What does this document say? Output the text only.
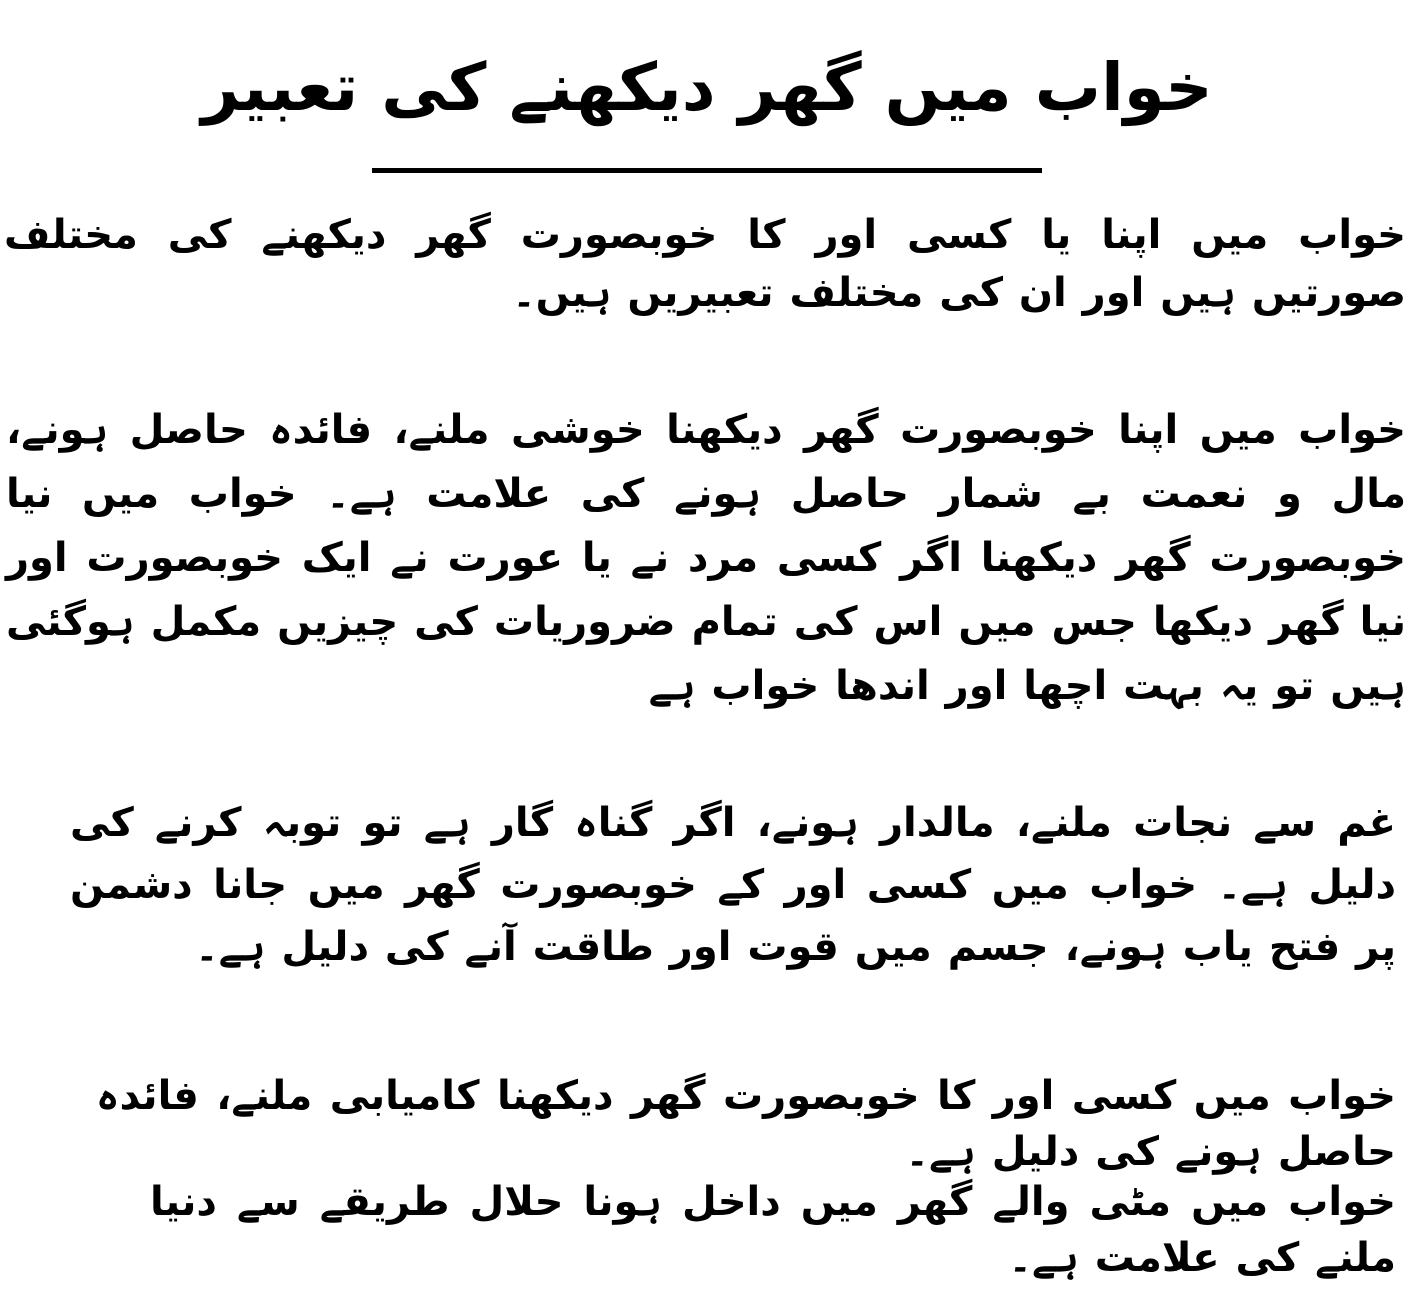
خواب میں گھر دیکھنے کی تعبیر
خواب میں اپنا یا کسی اور کا خوبصورت گھر دیکھنے کی مختلف صورتیں ہیں اور ان کی مختلف تعبیریں ہیں۔
خواب میں اپنا خوبصورت گھر دیکھنا خوشی ملنے، فائدہ حاصل ہونے، مال و نعمت بے شمار حاصل ہونے کی علامت ہے۔ خواب میں نیا خوبصورت گھر دیکھنا اگر کسی مرد نے یا عورت نے ایک خوبصورت اور نیا گھر دیکھا جس میں اس کی تمام ضروریات کی چیزیں مکمل ہوگئی ہیں تو یہ بہت اچھا اور اندھا خواب ہے
غم سے نجات ملنے، مالدار ہونے، اگر گناہ گار ہے تو توبہ کرنے کی دلیل ہے۔ خواب میں کسی اور کے خوبصورت گھر میں جانا دشمن پر فتح یاب ہونے، جسم میں قوت اور طاقت آنے کی دلیل ہے۔
خواب میں کسی اور کا خوبصورت گھر دیکھنا کامیابی ملنے، فائدہ حاصل ہونے کی دلیل ہے۔
خواب میں مٹی والے گھر میں داخل ہونا حلال طریقے سے دنیا ملنے کی علامت ہے۔
